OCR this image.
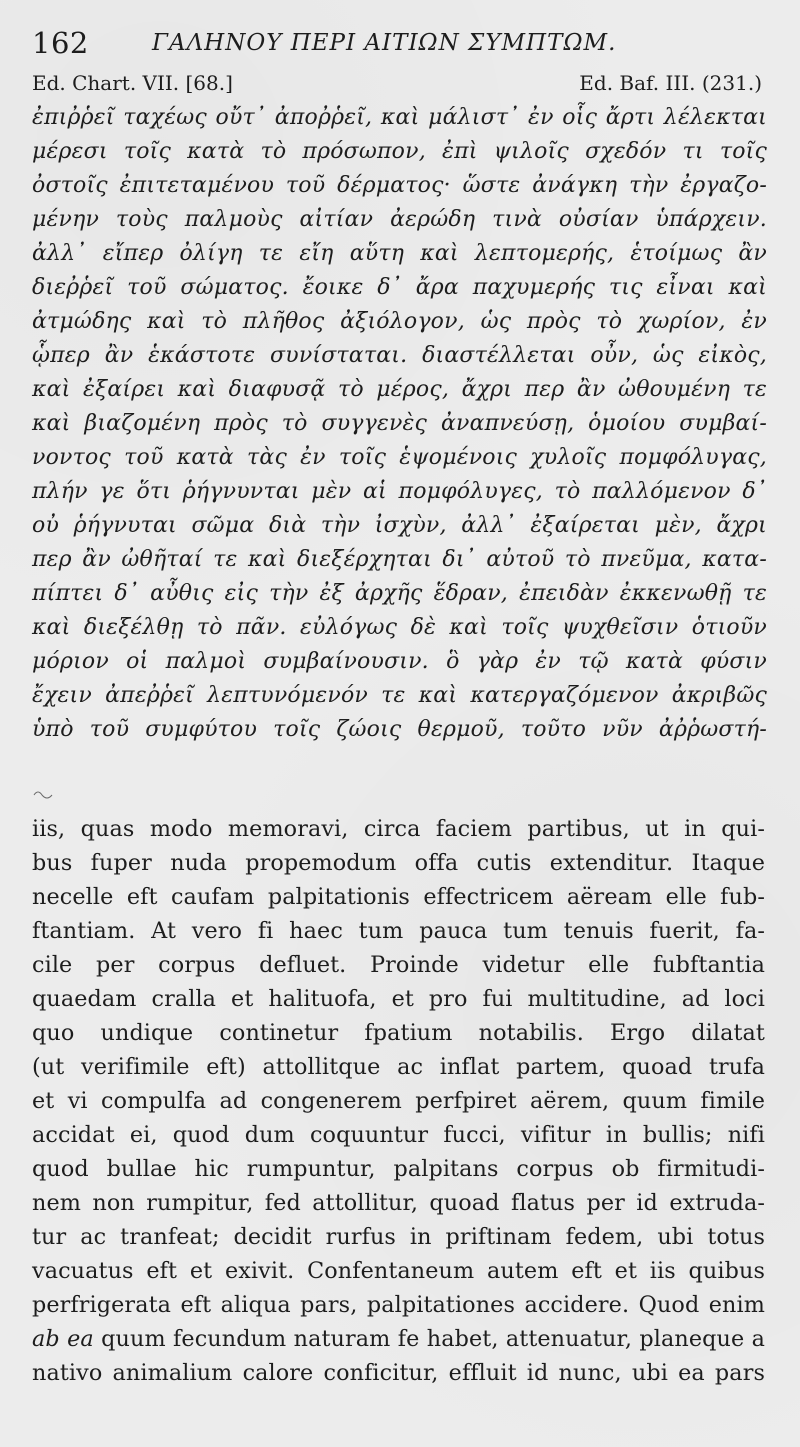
162	ΓΑΛΗΝΟΥ ΠΕΡΙ ΑΙΤΙΩΝ ΣΥΜΠΤΩΜ.
Ed. Chart. VII. [68.]	Ed. Baf. III. (231.)
ἐπιῤῥεῖ ταχέως οὔτ᾽ ἀποῤῥεῖ, καὶ μάλιστ᾽ ἐν οἷς ἄρτι λέλεκται
μέρεσι τοῖς κατὰ τὸ πρόσωπον, ἐπὶ ψιλοῖς σχεδόν τι τοῖς
ὀστοῖς ἐπιτεταμένου τοῦ δέρματος· ὥστε ἀνάγκη τὴν ἐργαζο-
μένην τοὺς παλμοὺς αἰτίαν ἀερώδη τινὰ οὐσίαν ὑπάρχειν.
ἀλλ᾽ εἴπερ ὀλίγη τε εἴη αὕτη καὶ λεπτομερής, ἑτοίμως ἂν
διεῤῥεῖ τοῦ σώματος. ἔοικε δ᾽ ἄρα παχυμερής τις εἶναι καὶ
ἀτμώδης καὶ τὸ πλῆθος ἀξιόλογον, ὡς πρὸς τὸ χωρίον, ἐν
ᾧπερ ἂν ἑκάστοτε συνίσταται. διαστέλλεται οὖν, ὡς εἰκὸς,
καὶ ἐξαίρει καὶ διαφυσᾷ τὸ μέρος, ἄχρι περ ἂν ὠθουμένη τε
καὶ βιαζομένη πρὸς τὸ συγγενὲς ἀναπνεύσῃ, ὁμοίου συμβαί-
νοντος τοῦ κατὰ τὰς ἐν τοῖς ἑψομένοις χυλοῖς πομφόλυγας,
πλήν γε ὅτι ῥήγνυνται μὲν αἱ πομφόλυγες, τὸ παλλόμενον δ᾽
οὐ ῥήγνυται σῶμα διὰ τὴν ἰσχὺν, ἀλλ᾽ ἐξαίρεται μὲν, ἄχρι
περ ἂν ὠθῆταί τε καὶ διεξέρχηται δι᾽ αὐτοῦ τὸ πνεῦμα, κατα-
πίπτει δ᾽ αὖθις εἰς τὴν ἐξ ἀρχῆς ἕδραν, ἐπειδὰν ἐκκενωθῇ τε
καὶ διεξέλθῃ τὸ πᾶν. εὐλόγως δὲ καὶ τοῖς ψυχθεῖσιν ὁτιοῦν
μόριον οἱ παλμοὶ συμβαίνουσιν. ὃ γὰρ ἐν τῷ κατὰ φύσιν
ἔχειν ἀπεῤῥεῖ λεπτυνόμενόν τε καὶ κατεργαζόμενον ἀκριβῶς
ὑπὸ τοῦ συμφύτου τοῖς ζώοις θερμοῦ, τοῦτο νῦν ἀῤῥωστή-
iis, quas modo memoravi, circa faciem partibus, ut in qui-
bus fuper nuda propemodum offa cutis extenditur. Itaque
necelle eft caufam palpitationis effectricem aëream elle fub-
ftantiam. At vero fi haec tum pauca tum tenuis fuerit, fa-
cile per corpus defluet. Proinde videtur elle fubftantia
quaedam cralla et halituofa, et pro fui multitudine, ad loci
quo undique continetur fpatium notabilis. Ergo dilatat
(ut verifimile eft) attollitque ac inflat partem, quoad trufa
et vi compulfa ad congenerem perfpiret aërem, quum fimile
accidat ei, quod dum coquuntur fucci, vifitur in bullis; nifi
quod bullae hic rumpuntur, palpitans corpus ob firmitudi-
nem non rumpitur, fed attollitur, quoad flatus per id extruda-
tur ac tranfeat; decidit rurfus in priftinam fedem, ubi totus
vacuatus eft et exivit. Confentaneum autem eft et iis quibus
perfrigerata eft aliqua pars, palpitationes accidere. Quod enim
ab ea quum fecundum naturam fe habet, attenuatur, planeque a
nativo animalium calore conficitur, effluit id nunc, ubi ea pars
